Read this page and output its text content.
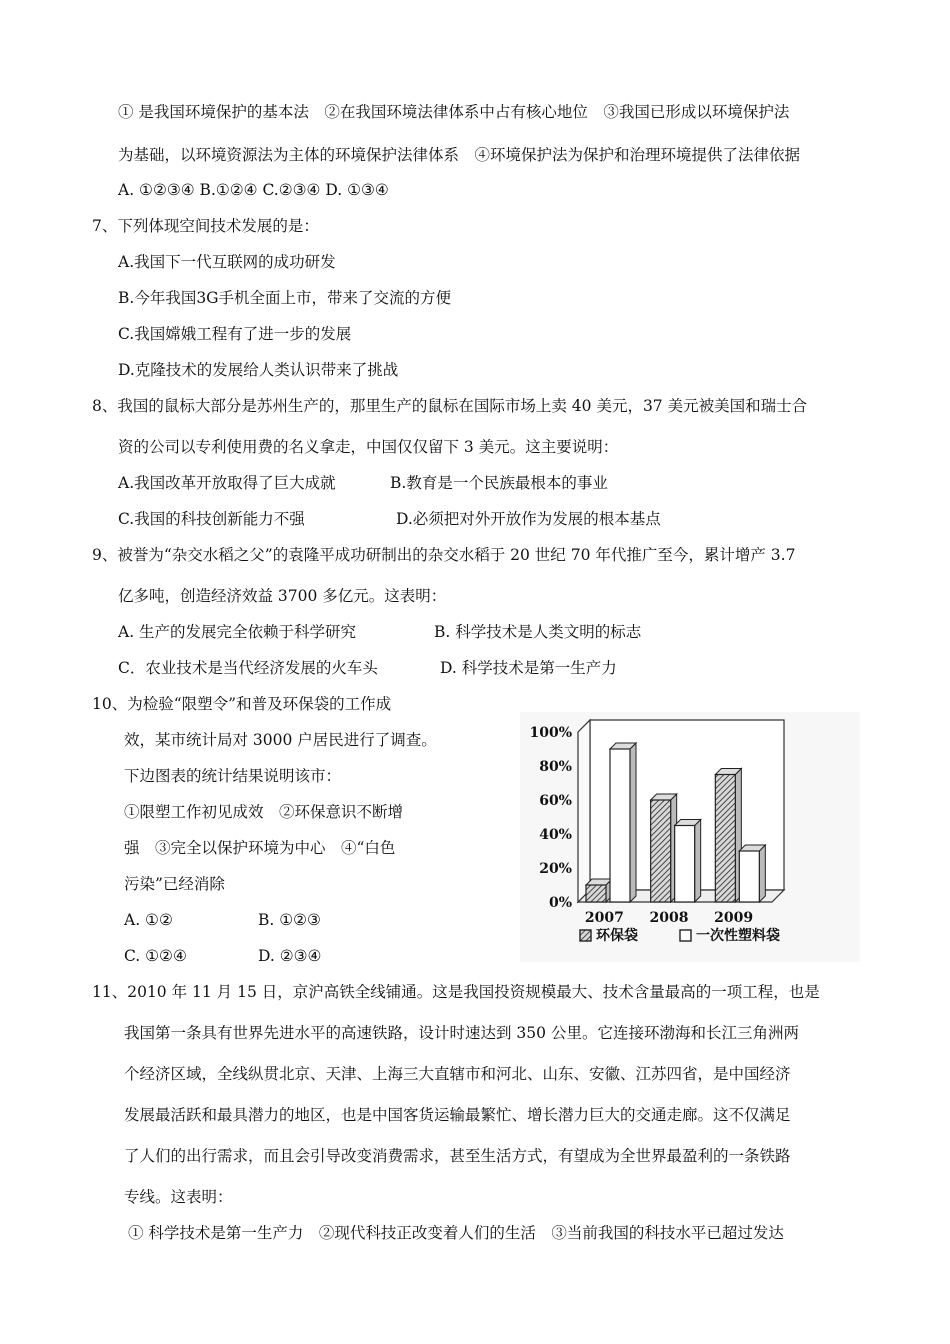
① 是我国环境保护的基本法　②在我国环境法律体系中占有核心地位　③我国已形成以环境保护法
为基础，以环境资源法为主体的环境保护法律体系　④环境保护法为保护和治理环境提供了法律依据
A. ①②③④ B.①②④ C.②③④ D. ①③④
7、下列体现空间技术发展的是：
A.我国下一代互联网的成功研发
B.今年我国3G手机全面上市，带来了交流的方便
C.我国嫦娥工程有了进一步的发展
D.克隆技术的发展给人类认识带来了挑战
8、我国的鼠标大部分是苏州生产的，那里生产的鼠标在国际市场上卖 40 美元，37 美元被美国和瑞士合
资的公司以专利使用费的名义拿走，中国仅仅留下 3 美元。这主要说明：
A.我国改革开放取得了巨大成就	B.教育是一个民族最根本的事业
C.我国的科技创新能力不强	D.必须把对外开放作为发展的根本基点
9、被誉为“杂交水稻之父”的袁隆平成功研制出的杂交水稻于 20 世纪 70 年代推广至今，累计增产 3.7
亿多吨，创造经济效益 3700 多亿元。这表明：
A. 生产的发展完全依赖于科学研究	B. 科学技术是人类文明的标志
C．农业技术是当代经济发展的火车头	D. 科学技术是第一生产力
10、为检验“限塑令”和普及环保袋的工作成
效，某市统计局对 3000 户居民进行了调查。
下边图表的统计结果说明该市：
①限塑工作初见成效　②环保意识不断增
强　③完全以保护环境为中心　④“白色
污染”已经消除
A. ①②	B. ①②③
C. ①②④	D. ②③④
0%
20%
40%
60%
80%
100%
2007 2008 2009
环保袋	一次性塑料袋
11、2010 年 11 月 15 日，京沪高铁全线铺通。这是我国投资规模最大、技术含量最高的一项工程，也是
我国第一条具有世界先进水平的高速铁路，设计时速达到 350 公里。它连接环渤海和长江三角洲两
个经济区域，全线纵贯北京、天津、上海三大直辖市和河北、山东、安徽、江苏四省，是中国经济
发展最活跃和最具潜力的地区，也是中国客货运输最繁忙、增长潜力巨大的交通走廊。这不仅满足
了人们的出行需求，而且会引导改变消费需求，甚至生活方式，有望成为全世界最盈利的一条铁路
专线。这表明：
① 科学技术是第一生产力　②现代科技正改变着人们的生活　③当前我国的科技水平已超过发达
